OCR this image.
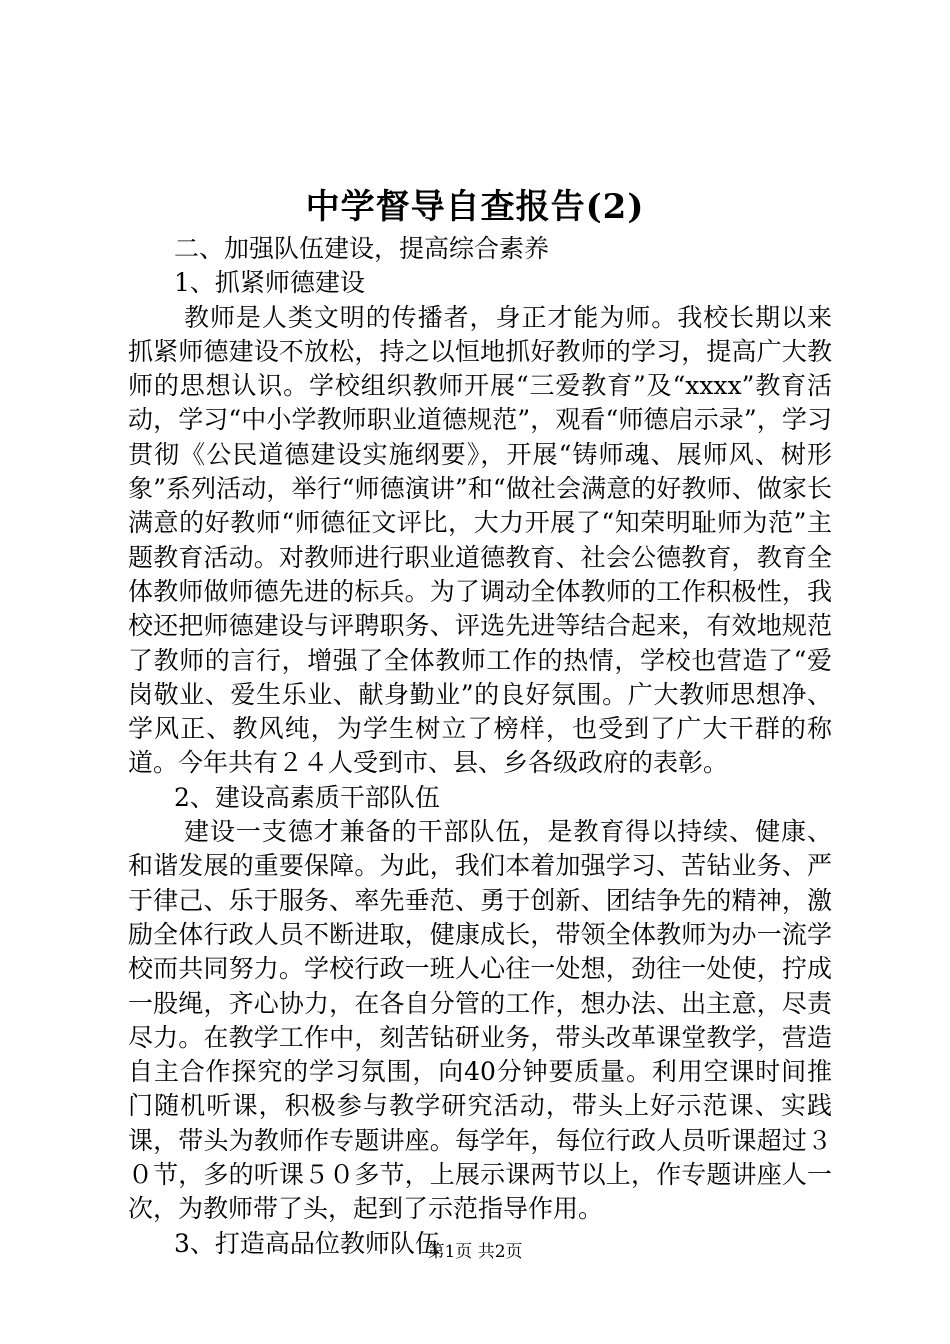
中学督导自查报告(2)

二、加强队伍建设，提高综合素养

1、抓紧师德建设

教师是人类文明的传播者，身正才能为师。我校长期以来抓紧师德建设不放松，持之以恒地抓好教师的学习，提高广大教师的思想认识。学校组织教师开展“三爱教育”及“xxxx”教育活动，学习“中小学教师职业道德规范”，观看“师德启示录”，学习贯彻《公民道德建设实施纲要》，开展“铸师魂、展师风、树形象”系列活动，举行“师德演讲”和“做社会满意的好教师、做家长满意的好教师“师德征文评比，大力开展了“知荣明耻师为范”主题教育活动。对教师进行职业道德教育、社会公德教育，教育全体教师做师德先进的标兵。为了调动全体教师的工作积极性，我校还把师德建设与评聘职务、评选先进等结合起来，有效地规范了教师的言行，增强了全体教师工作的热情，学校也营造了“爱岗敬业、爱生乐业、献身勤业”的良好氛围。广大教师思想净、学风正、教风纯，为学生树立了榜样，也受到了广大干群的称道。今年共有２４人受到市、县、乡各级政府的表彰。

2、建设高素质干部队伍

建设一支德才兼备的干部队伍，是教育得以持续、健康、和谐发展的重要保障。为此，我们本着加强学习、苦钻业务、严于律己、乐于服务、率先垂范、勇于创新、团结争先的精神，激励全体行政人员不断进取，健康成长，带领全体教师为办一流学校而共同努力。学校行政一班人心往一处想，劲往一处使，拧成一股绳，齐心协力，在各自分管的工作，想办法、出主意，尽责尽力。在教学工作中，刻苦钻研业务，带头改革课堂教学，营造自主合作探究的学习氛围，向40分钟要质量。利用空课时间推门随机听课，积极参与教学研究活动，带头上好示范课、实践课，带头为教师作专题讲座。每学年，每位行政人员听课超过３０节，多的听课５０多节，上展示课两节以上，作专题讲座人一次，为教师带了头，起到了示范指导作用。

3、打造高品位教师队伍

第1页 共2页
